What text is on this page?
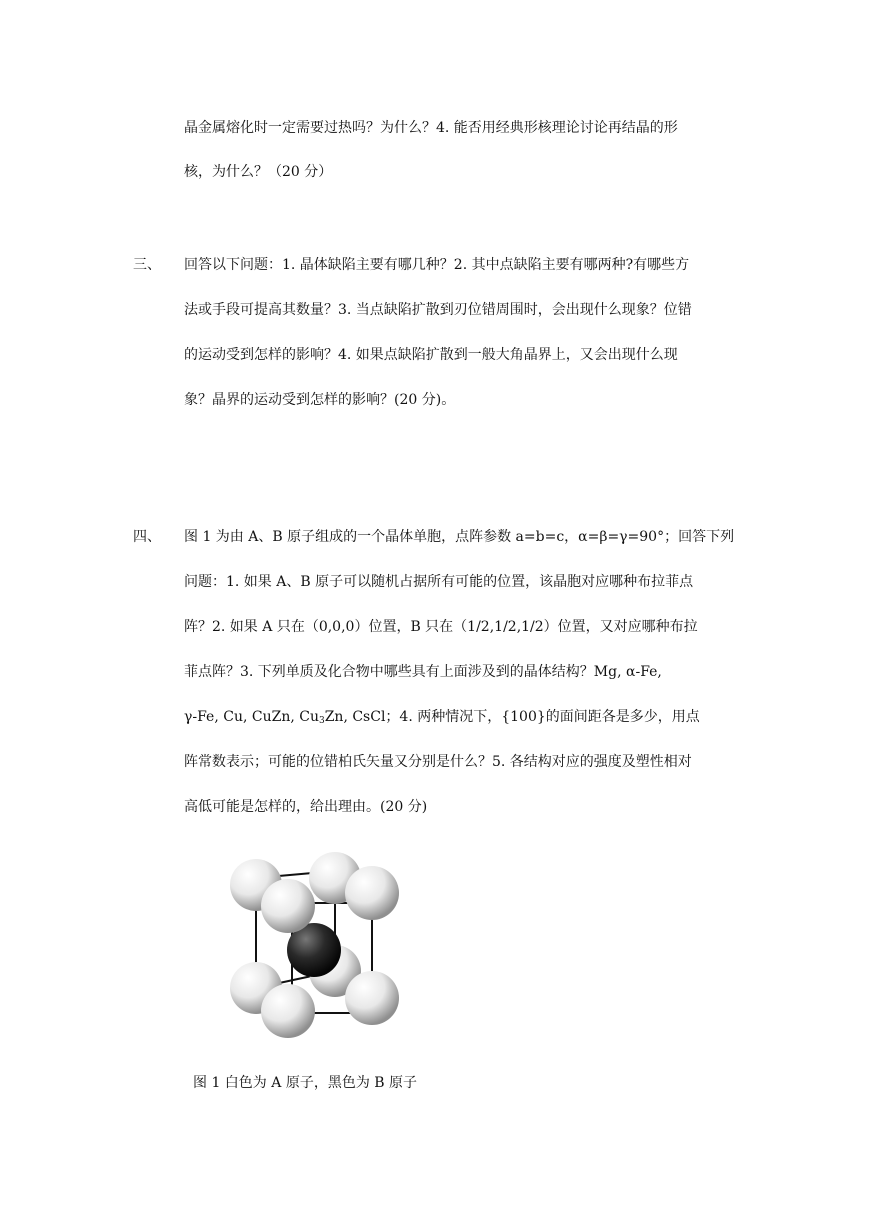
晶金属熔化时一定需要过热吗？为什么？4. 能否用经典形核理论讨论再结晶的形
核，为什么？（20 分）
三、 回答以下问题：1. 晶体缺陷主要有哪几种？2. 其中点缺陷主要有哪两种?有哪些方
法或手段可提高其数量？3. 当点缺陷扩散到刃位错周围时，会出现什么现象？位错
的运动受到怎样的影响？4. 如果点缺陷扩散到一般大角晶界上，又会出现什么现
象？晶界的运动受到怎样的影响？(20 分)。
四、 图 1 为由 A、B 原子组成的一个晶体单胞，点阵参数 a=b=c，α=β=γ=90°；回答下列
问题：1. 如果 A、B 原子可以随机占据所有可能的位置，该晶胞对应哪种布拉菲点
阵？2. 如果 A 只在（0,0,0）位置，B 只在（1/2,1/2,1/2）位置，又对应哪种布拉
菲点阵？3. 下列单质及化合物中哪些具有上面涉及到的晶体结构？Mg, α-Fe,
γ-Fe, Cu, CuZn, $Cu_3Zn$, CsCl；4. 两种情况下，{100}的面间距各是多少，用点
阵常数表示；可能的位错柏氏矢量又分别是什么？5. 各结构对应的强度及塑性相对
高低可能是怎样的，给出理由。(20 分)
图 1 白色为 A 原子，黑色为 B 原子
